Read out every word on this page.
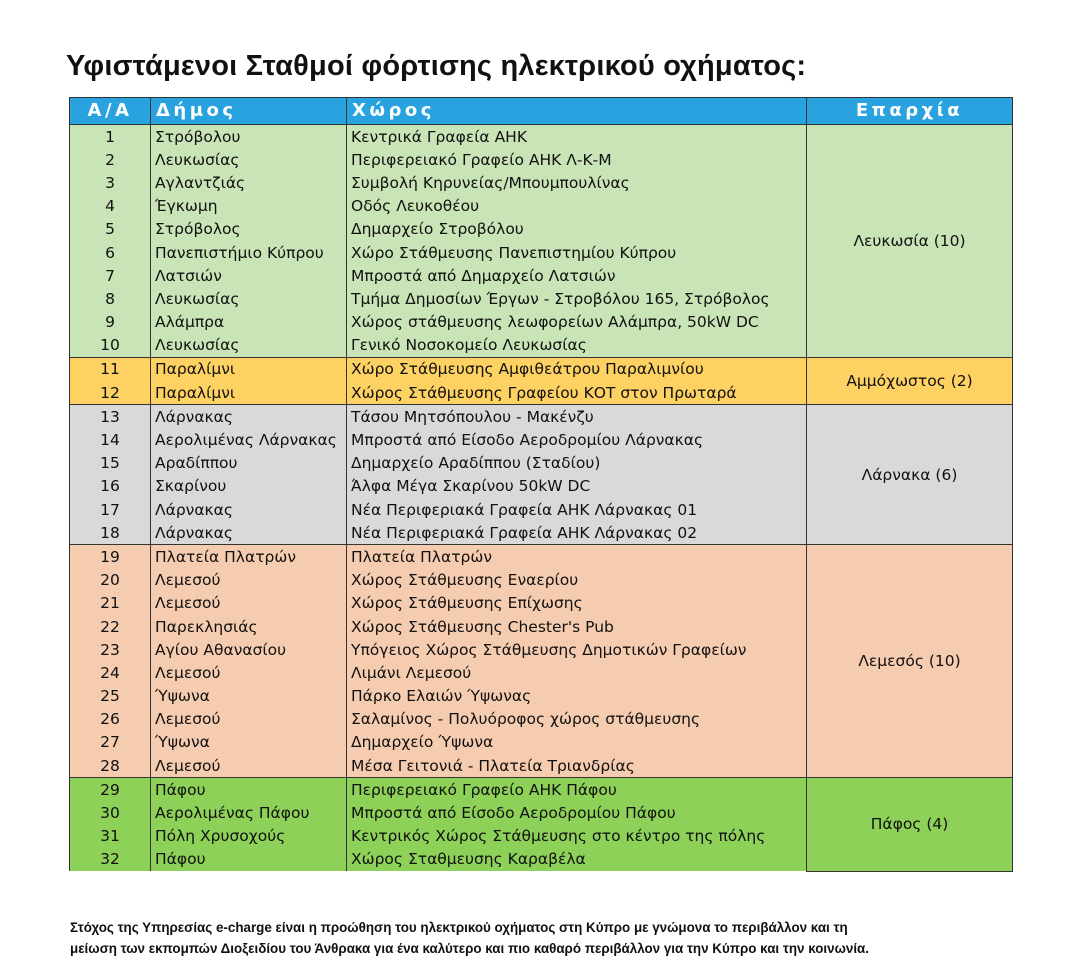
Υφιστάμενοι Σταθμοί φόρτισης ηλεκτρικού οχήματος:
Α/Α	Δήμος	Χώρος	Επαρχία
1	Στρόβολου	Κεντρικά Γραφεία ΑΗΚ	Λευκωσία (10)
2	Λευκωσίας	Περιφερειακό Γραφείο ΑΗΚ Λ-Κ-Μ	
3	Αγλαντζιάς	Συμβολή Κηρυνείας/Μπουμπουλίνας	
4	Έγκωμη	Οδός Λευκοθέου	
5	Στρόβολος	Δημαρχείο Στροβόλου	
6	Πανεπιστήμιο Κύπρου	Χώρο Στάθμευσης Πανεπιστημίου Κύπρου	
7	Λατσιών	Μπροστά από Δημαρχείο Λατσιών	
8	Λευκωσίας	Τμήμα Δημοσίων Έργων - Στροβόλου 165, Στρόβολος	
9	Αλάμπρα	Χώρος στάθμευσης λεωφορείων Αλάμπρα, 50kW DC	
10	Λευκωσίας	Γενικό Νοσοκομείο Λευκωσίας	
11	Παραλίμνι	Χώρο Στάθμευσης Αμφιθεάτρου Παραλιμνίου	Αμμόχωστος (2)
12	Παραλίμνι	Χώρος Στάθμευσης Γραφείου ΚΟΤ στον Πρωταρά	
13	Λάρνακας	Τάσου Μητσόπουλου - Μακένζυ	Λάρνακα (6)
14	Αερολιμένας Λάρνακας	Μπροστά από Είσοδο Αεροδρομίου Λάρνακας	
15	Αραδίππου	Δημαρχείο Αραδίππου (Σταδίου)	
16	Σκαρίνου	Άλφα Μέγα Σκαρίνου 50kW DC	
17	Λάρνακας	Νέα Περιφεριακά Γραφεία ΑΗΚ Λάρνακας 01	
18	Λάρνακας	Νέα Περιφεριακά Γραφεία ΑΗΚ Λάρνακας 02	
19	Πλατεία Πλατρών	Πλατεία Πλατρών	Λεμεσός (10)
20	Λεμεσού	Χώρος Στάθμευσης Εναερίου	
21	Λεμεσού	Χώρος Στάθμευσης Επίχωσης	
22	Παρεκλησιάς	Χώρος Στάθμευσης Chester's Pub	
23	Αγίου Αθανασίου	Υπόγειος Χώρος Στάθμευσης Δημοτικών Γραφείων	
24	Λεμεσού	Λιμάνι Λεμεσού	
25	Ύψωνα	Πάρκο Ελαιών Ύψωνας	
26	Λεμεσού	Σαλαμίνος - Πολυόροφος χώρος στάθμευσης	
27	Ύψωνα	Δημαρχείο Ύψωνα	
28	Λεμεσού	Μέσα Γειτονιά - Πλατεία Τριανδρίας	
29	Πάφου	Περιφερειακό Γραφείο ΑΗΚ Πάφου	Πάφος (4)
30	Αερολιμένας Πάφου	Μπροστά από Είσοδο Αεροδρομίου Πάφου	
31	Πόλη Χρυσοχούς	Κεντρικός Χώρος Στάθμευσης στο κέντρο της πόλης	
32	Πάφου	Χώρος Σταθμευσης Καραβέλα	
Στόχος της Υπηρεσίας e-charge είναι η προώθηση του ηλεκτρικού οχήματος στη Κύπρο με γνώμονα το περιβάλλον και τη
μείωση των εκπομπών Διοξειδίου του Άνθρακα για ένα καλύτερο και πιο καθαρό περιβάλλον για την Κύπρο και την κοινωνία.
